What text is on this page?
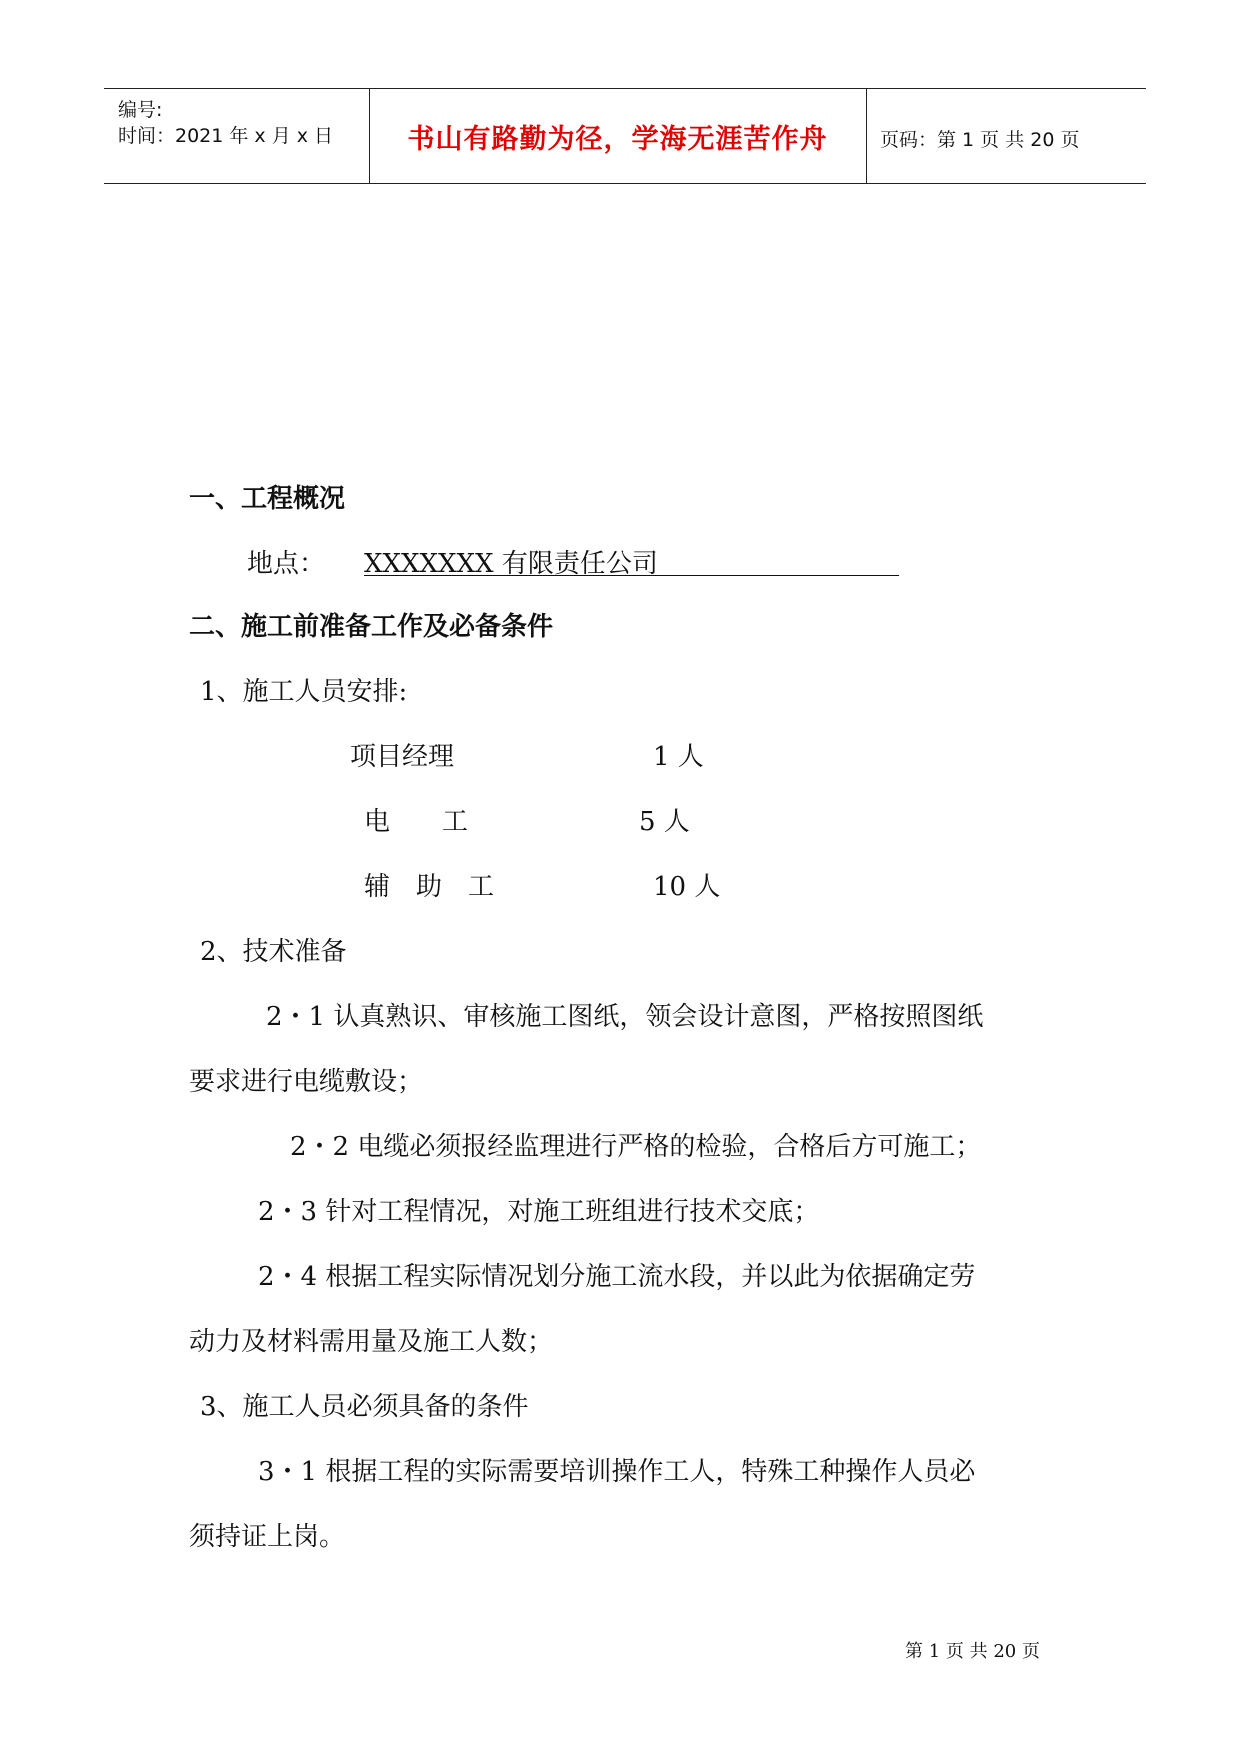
编号:
时间：2021 年 x 月 x 日	书山有路勤为径，学海无涯苦作舟	页码：第 1 页 共 20 页
一、工程概况
地点： XXXXXXX 有限责任公司
二、施工前准备工作及必备条件
1、施工人员安排:
项目经理	1 人
电　　工	5 人
辅　助　工	10 人
2、技术准备
2・1 认真熟识、审核施工图纸，领会设计意图，严格按照图纸
要求进行电缆敷设；
2・2 电缆必须报经监理进行严格的检验，合格后方可施工；
2・3 针对工程情况，对施工班组进行技术交底；
2・4 根据工程实际情况划分施工流水段，并以此为依据确定劳
动力及材料需用量及施工人数；
3、施工人员必须具备的条件
3・1 根据工程的实际需要培训操作工人，特殊工种操作人员必
须持证上岗。
第 1 页 共 20 页
